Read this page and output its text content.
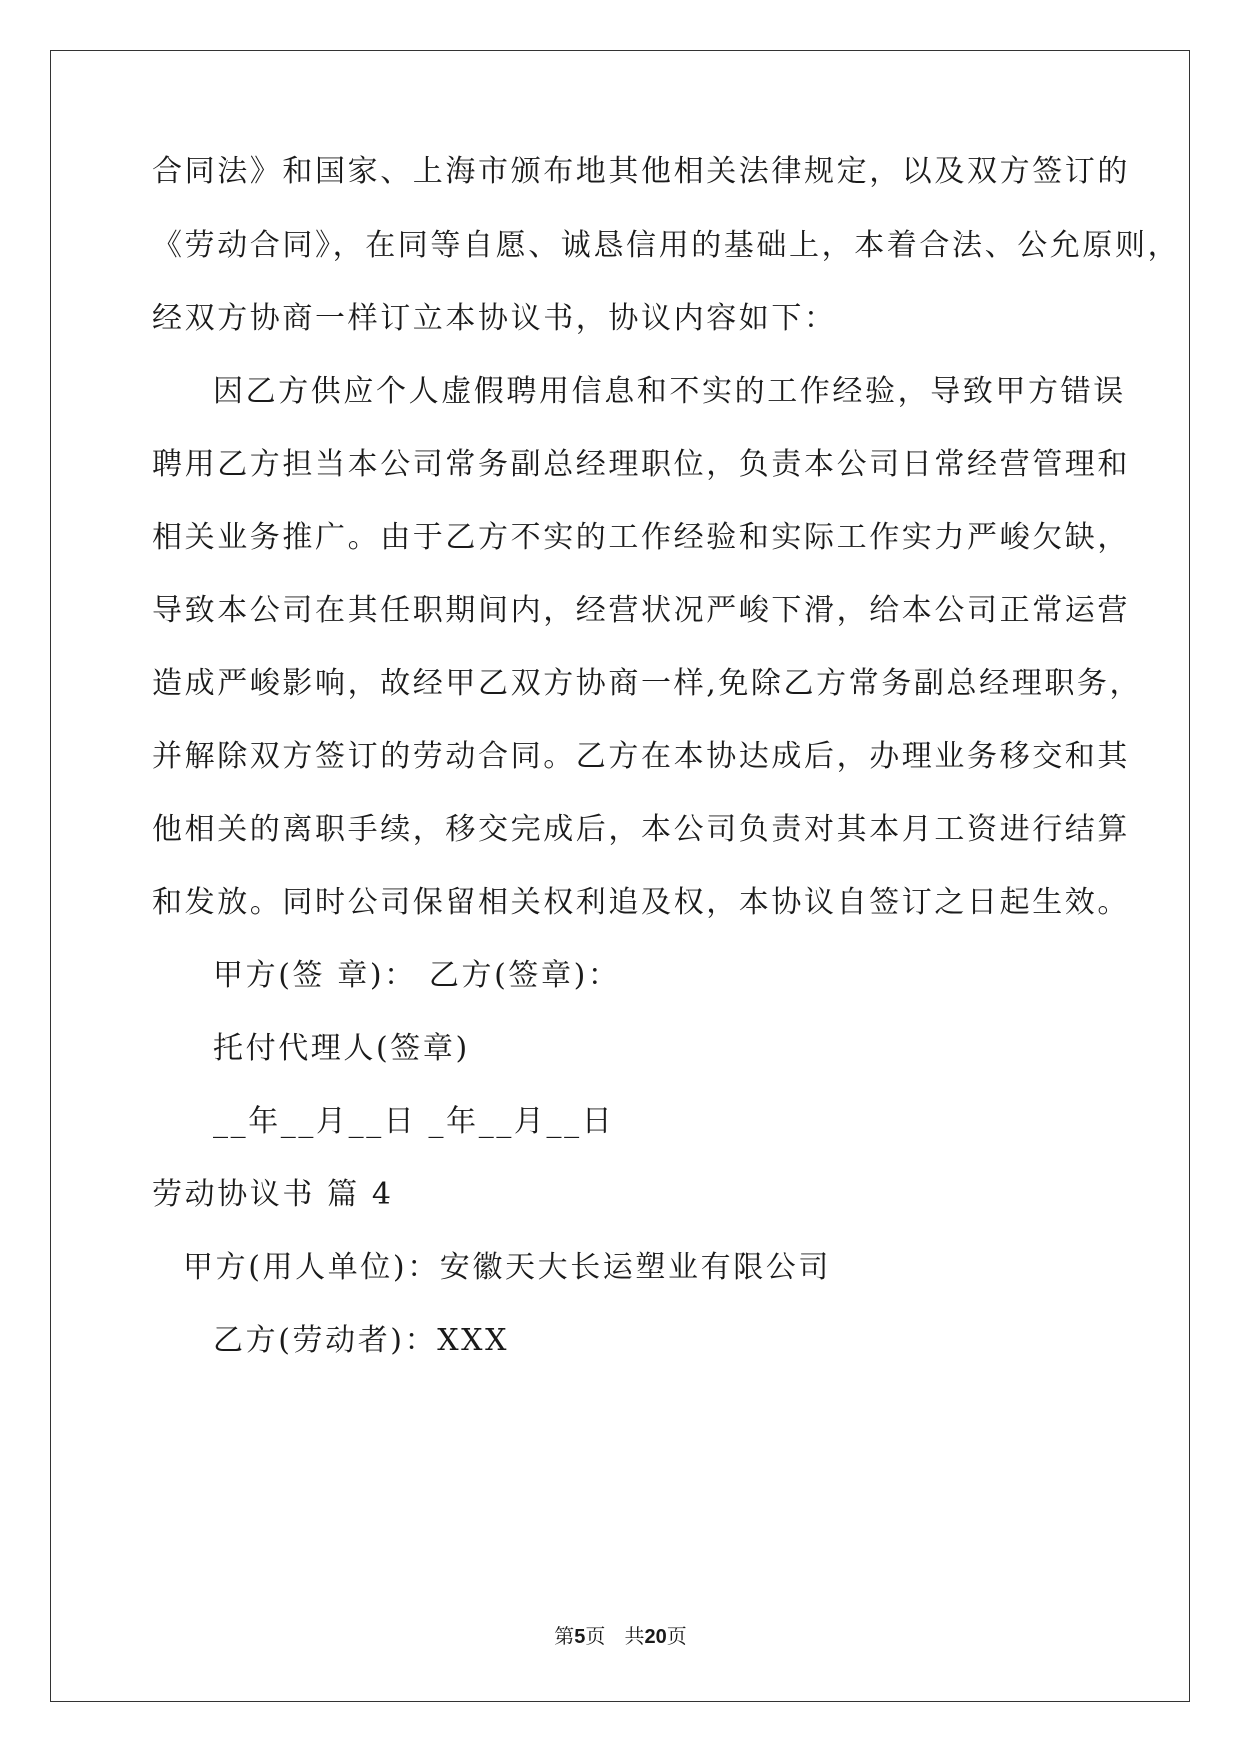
合同法》和国家、上海市颁布地其他相关法律规定，以及双方签订的
《劳动合同》，在同等自愿、诚恳信用的基础上，本着合法、公允原则，
经双方协商一样订立本协议书，协议内容如下：
因乙方供应个人虚假聘用信息和不实的工作经验，导致甲方错误
聘用乙方担当本公司常务副总经理职位，负责本公司日常经营管理和
相关业务推广。由于乙方不实的工作经验和实际工作实力严峻欠缺，
导致本公司在其任职期间内，经营状况严峻下滑，给本公司正常运营
造成严峻影响，故经甲乙双方协商一样,免除乙方常务副总经理职务，
并解除双方签订的劳动合同。乙方在本协达成后，办理业务移交和其
他相关的离职手续，移交完成后，本公司负责对其本月工资进行结算
和发放。同时公司保留相关权利追及权，本协议自签订之日起生效。
甲方(签 章)： 乙方(签章)：
托付代理人(签章)
__年__月__日 _年__月__日
劳动协议书 篇 4
甲方(用人单位)：安徽天大长运塑业有限公司
乙方(劳动者)：XXX
第5页   共20页
